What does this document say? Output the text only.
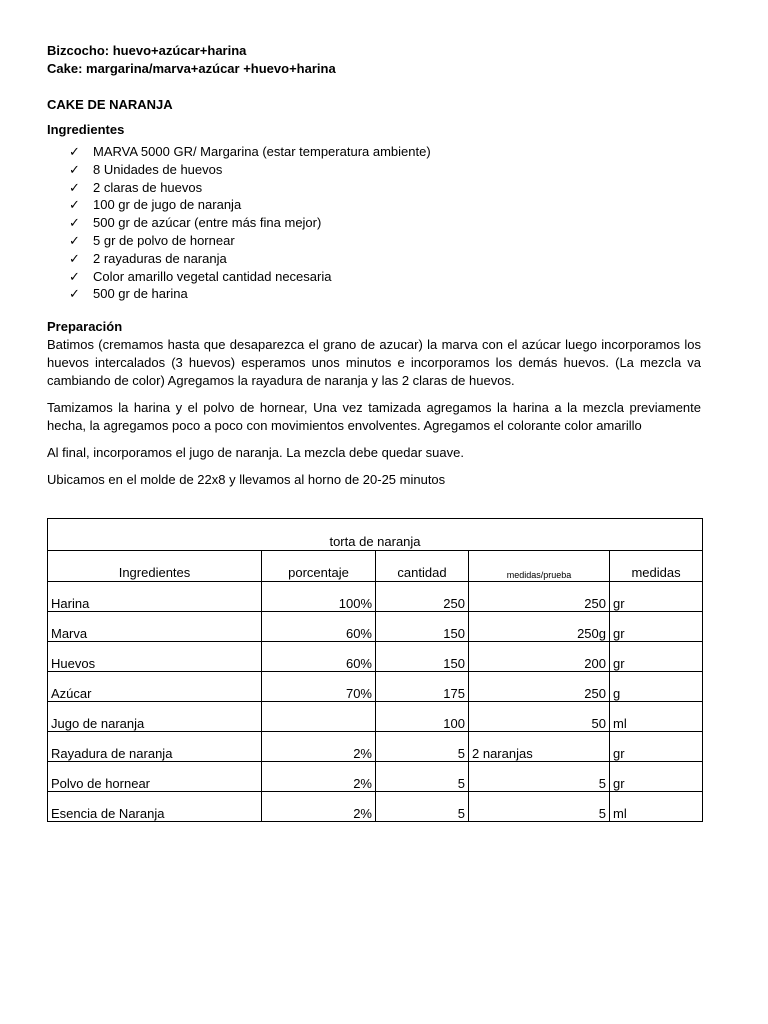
Bizcocho: huevo+azúcar+harina
Cake: margarina/marva+azúcar +huevo+harina
CAKE DE NARANJA
Ingredientes
✓ MARVA 5000 GR/ Margarina (estar temperatura ambiente)
✓ 8 Unidades de huevos
✓ 2 claras de huevos
✓ 100 gr de jugo de naranja
✓ 500 gr de azúcar (entre más fina mejor)
✓ 5 gr de polvo de hornear
✓ 2 rayaduras de naranja
✓ Color amarillo vegetal cantidad necesaria
✓ 500 gr de harina
Preparación

Batimos (cremamos hasta que desaparezca el grano de azucar) la marva con el azúcar luego incorporamos los huevos intercalados (3 huevos) esperamos unos minutos e incorporamos los demás huevos. (La mezcla va cambiando de color) Agregamos la rayadura de naranja y las 2 claras de huevos.

Tamizamos la harina y el polvo de hornear, Una vez tamizada agregamos la harina a la mezcla previamente hecha, la agregamos poco a poco con movimientos envolventes. Agregamos el colorante color amarillo

Al final, incorporamos el jugo de naranja. La mezcla debe quedar suave.

Ubicamos en el molde de 22x8 y llevamos al horno de 20-25 minutos

torta de naranja				
Ingredientes	porcentaje	cantidad	medidas/prueba	medidas
Harina	100%	250	250	gr
Marva	60%	150	250g	gr
Huevos	60%	150	200	gr
Azúcar	70%	175	250	g
Jugo de naranja		100	50	ml
Rayadura de naranja	2%	5	2 naranjas	gr
Polvo de hornear	2%	5	5	gr
Esencia de Naranja	2%	5	5	ml
